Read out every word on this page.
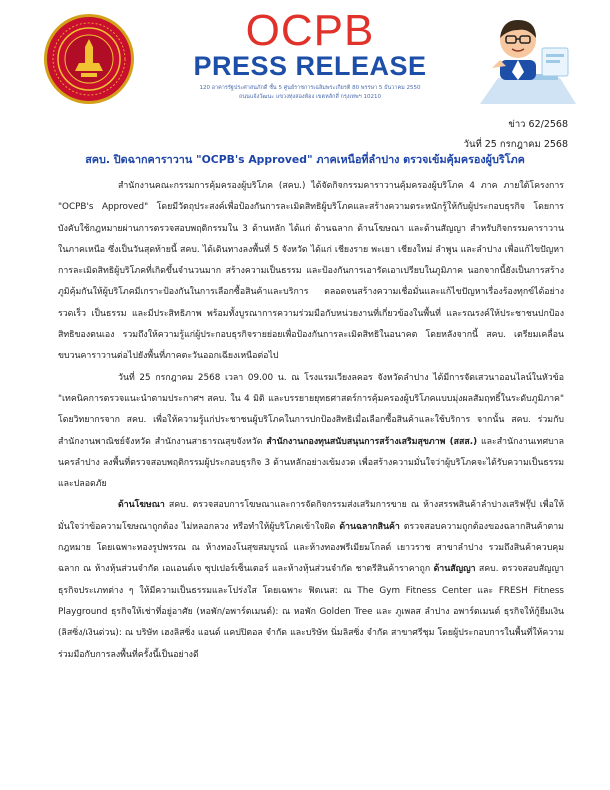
OCPB
PRESS RELEASE
120 อาคารรัฐประศาสนภักดี ชั้น 5 ศูนย์ราชการเฉลิมพระเกียรติ 80 พรรษา 5 ธันวาคม 2550
ถนนแจ้งวัฒนะ แขวงทุ่งสองห้อง เขตหลักสี่ กรุงเทพฯ 10210
ข่าว 62/2568
วันที่ 25 กรกฎาคม 2568
สคบ. ปิดฉากคาราวาน "OCPB's Approved" ภาคเหนือที่ลำปาง ตรวจเข้มคุ้มครองผู้บริโภค

สำนักงานคณะกรรมการคุ้มครองผู้บริโภค (สคบ.) ได้จัดกิจกรรมคาราวานคุ้มครองผู้บริโภค 4 ภาค ภายใต้โครงการ "OCPB's Approved" โดยมีวัตถุประสงค์เพื่อป้องกันการละเมิดสิทธิผู้บริโภคและสร้างความตระหนักรู้ให้กับผู้ประกอบธุรกิจ โดยการบังคับใช้กฎหมายผ่านการตรวจสอบพฤติกรรมใน 3 ด้านหลัก ได้แก่ ด้านฉลาก ด้านโฆษณา และด้านสัญญา สำหรับกิจกรรมคาราวานในภาคเหนือ ซึ่งเป็นวันสุดท้ายนี้ สคบ. ได้เดินทางลงพื้นที่ 5 จังหวัด ได้แก่ เชียงราย พะเยา เชียงใหม่ ลำพูน และลำปาง เพื่อแก้ไขปัญหาการละเมิดสิทธิผู้บริโภคที่เกิดขึ้นจำนวนมาก สร้างความเป็นธรรม และป้องกันการเอารัดเอาเปรียบในภูมิภาค นอกจากนี้ยังเป็นการสร้างภูมิคุ้มกันให้ผู้บริโภคมีเกราะป้องกันในการเลือกซื้อสินค้าและบริการ ตลอดจนสร้างความเชื่อมั่นและแก้ไขปัญหาเรื่องร้องทุกข์ได้อย่างรวดเร็ว เป็นธรรม และมีประสิทธิภาพ พร้อมทั้งบูรณาการความร่วมมือกับหน่วยงานที่เกี่ยวข้องในพื้นที่ และรณรงค์ให้ประชาชนปกป้องสิทธิของตนเอง รวมถึงให้ความรู้แก่ผู้ประกอบธุรกิจรายย่อยเพื่อป้องกันการละเมิดสิทธิในอนาคต โดยหลังจากนี้ สคบ. เตรียมเคลื่อนขบวนคาราวานต่อไปยังพื้นที่ภาคตะวันออกเฉียงเหนือต่อไป

วันที่ 25 กรกฎาคม 2568 เวลา 09.00 น. ณ โรงแรมเวียงลคอร จังหวัดลำปาง ได้มีการจัดเสวนาออนไลน์ในหัวข้อ "เทคนิคการตรวจแนะนำตามประกาศฯ สคบ. ใน 4 มิติ และบรรยายยุทธศาสตร์การคุ้มครองผู้บริโภคแบบมุ่งผลสัมฤทธิ์ในระดับภูมิภาค" โดยวิทยากรจาก สคบ. เพื่อให้ความรู้แก่ประชาชนผู้บริโภคในการปกป้องสิทธิเมื่อเลือกซื้อสินค้าและใช้บริการ จากนั้น สคบ. ร่วมกับสำนักงานพาณิชย์จังหวัด สำนักงานสาธารณสุขจังหวัด สำนักงานกองทุนสนับสนุนการสร้างเสริมสุขภาพ (สสส.) และสำนักงานเทศบาลนครลำปาง ลงพื้นที่ตรวจสอบพฤติกรรมผู้ประกอบธุรกิจ 3 ด้านหลักอย่างเข้มงวด เพื่อสร้างความมั่นใจว่าผู้บริโภคจะได้รับความเป็นธรรมและปลอดภัย

ด้านโฆษณา สคบ. ตรวจสอบการโฆษณาและการจัดกิจกรรมส่งเสริมการขาย ณ ห้างสรรพสินค้าลำปางเสริฟรุ๊ป เพื่อให้มั่นใจว่าข้อความโฆษณาถูกต้อง ไม่หลอกลวง หรือทำให้ผู้บริโภคเข้าใจผิด ด้านฉลากสินค้า ตรวจสอบความถูกต้องของฉลากสินค้าตามกฎหมาย โดยเฉพาะทองรูปพรรณ ณ ห้างทองโนสุขสมบูรณ์ และห้างทองพรีเมียมโกลด์ เยาวราช สาขาลำปาง รวมถึงสินค้าควบคุมฉลาก ณ ห้างหุ้นส่วนจำกัด เอแอนด์เจ ซุปเปอร์เซ็นเตอร์ และห้างหุ้นส่วนจำกัด ชาตรีสินค้าราคาถูก ด้านสัญญา สคบ. ตรวจสอบสัญญาธุรกิจประเภทต่าง ๆ ให้มีความเป็นธรรมและโปร่งใส โดยเฉพาะ ฟิตเนส: ณ The Gym Fitness Center และ FRESH Fitness Playground ธุรกิจให้เช่าที่อยู่อาศัย (หอพัก/อพาร์ตเมนต์): ณ หอพัก Golden Tree และ ภูเพลส ลำปาง อพาร์ตเมนต์ ธุรกิจให้กู้ยืมเงิน (ลิสซิ่ง/เงินด่วน): ณ บริษัท เฮงลิสซิ่ง แอนด์ แคปปิตอล จำกัด และบริษัท นิ่มลิสซิ่ง จำกัด สาขาศรีชุม โดยผู้ประกอบการในพื้นที่ให้ความร่วมมือกับการลงพื้นที่ครั้งนี้เป็นอย่างดี
